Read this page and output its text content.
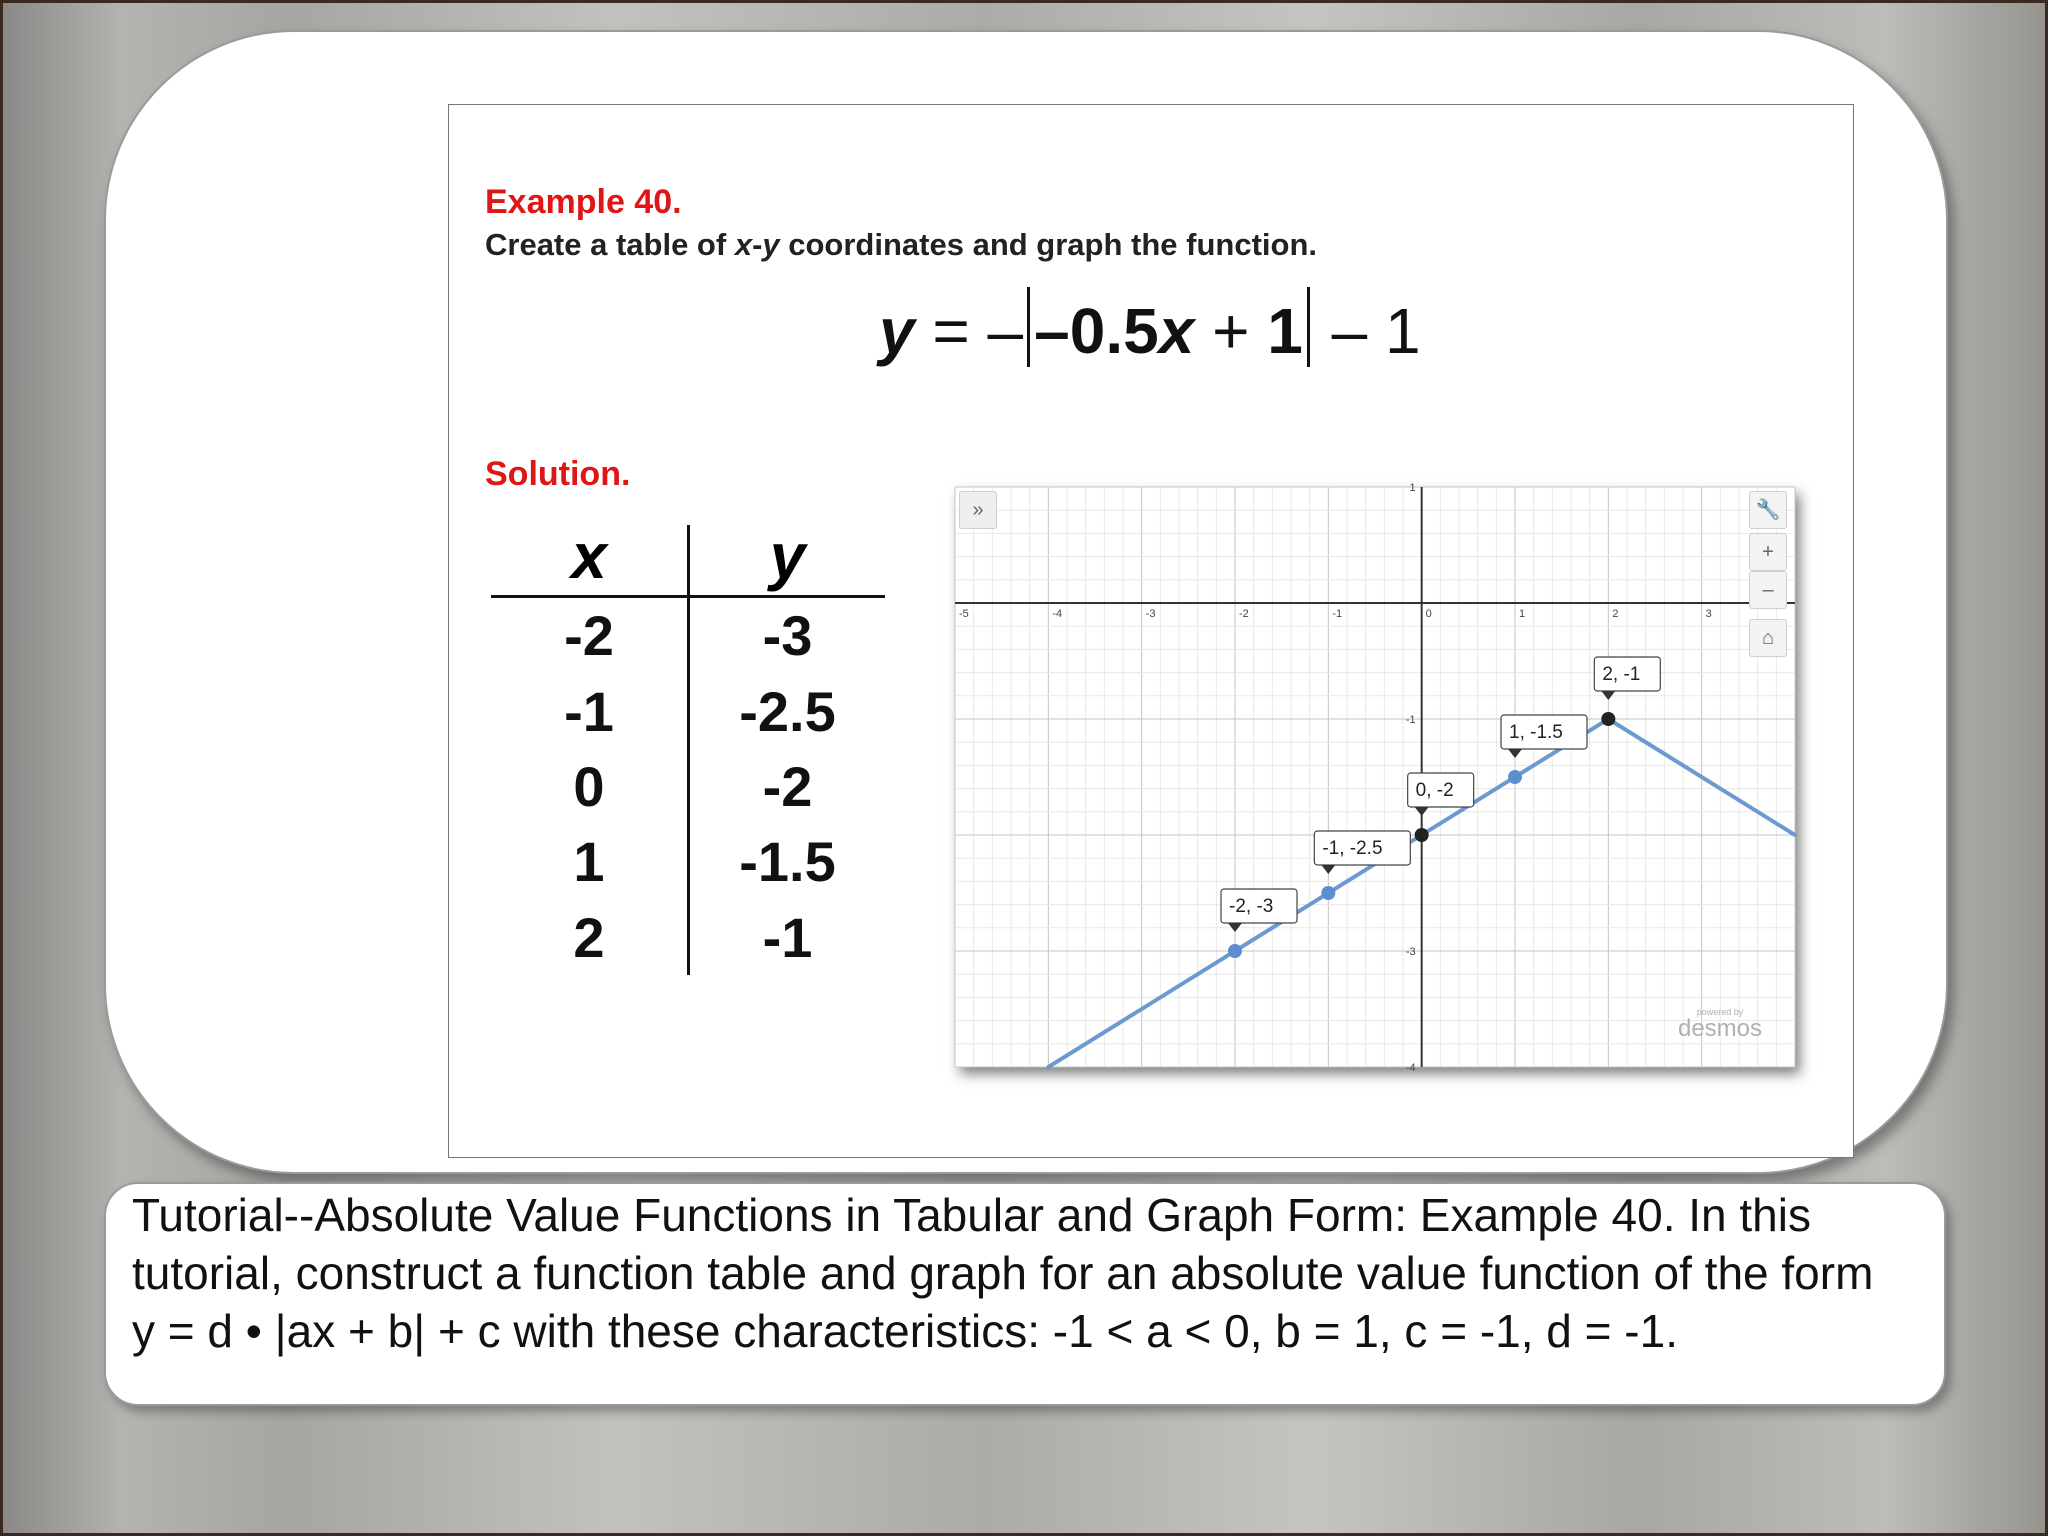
Example 40.
Create a table of x-y coordinates and graph the function.
y = – –0.5x + 1 – 1
Solution.
x	y
-2	-3
-1	-2.5
0	-2
1	-1.5
2	-1
-5	-4	-3	-2	-1	0	1	2	3
1
-1
-3
-4
-2, -3
-1, -2.5
0, -2
1, -1.5
2, -1
»	🔧
+
–
⌂
powered by
desmos
Tutorial--Absolute Value Functions in Tabular and Graph Form: Example 40. In this tutorial, construct a function table and graph for an absolute value function of the form y = d • |ax + b| + c with these characteristics: -1 < a < 0, b = 1, c = -1, d = -1.
